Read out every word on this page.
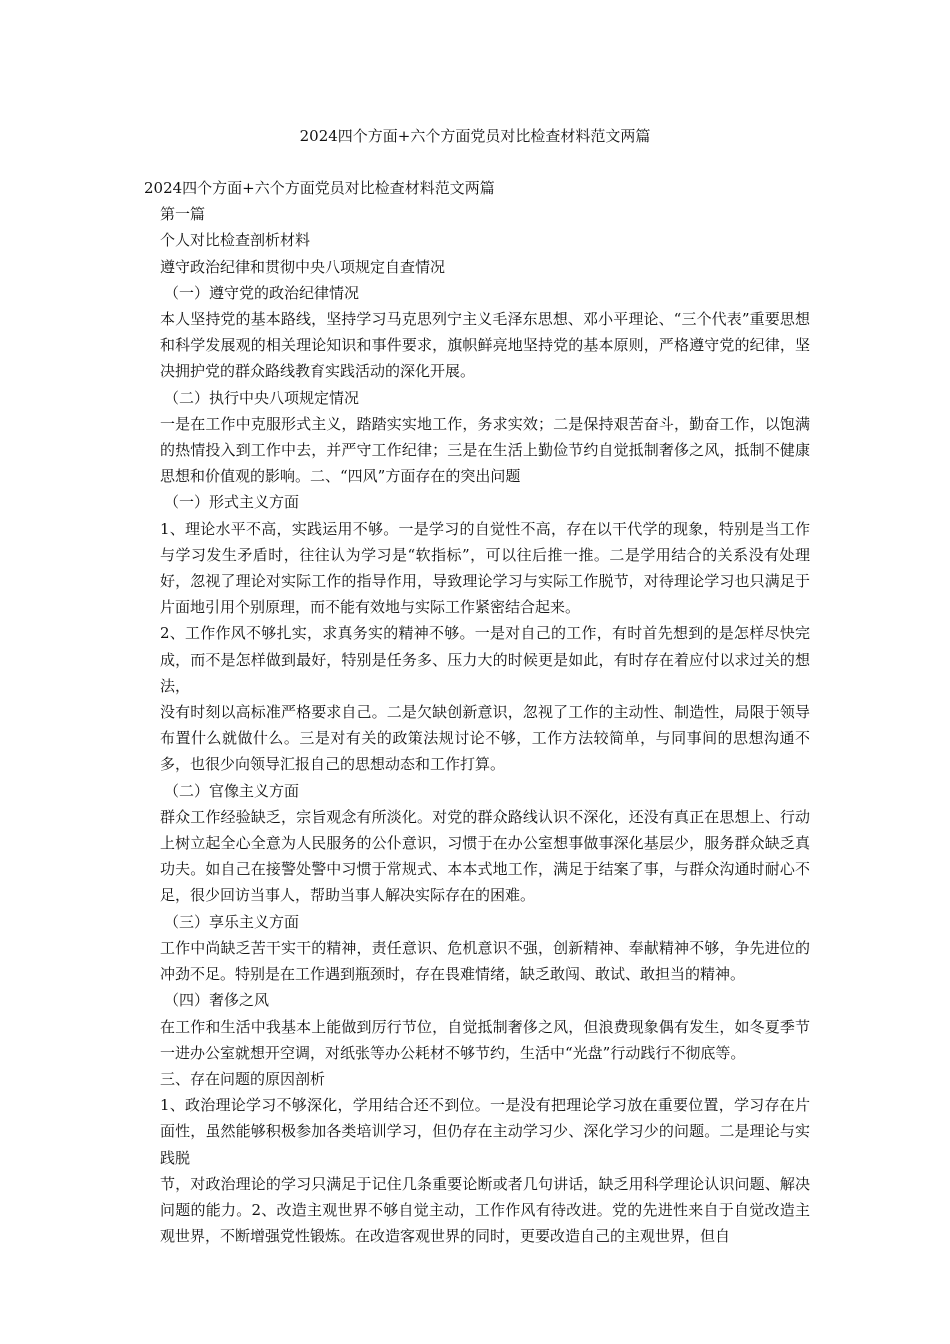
2024四个方面+六个方面党员对比检查材料范文两篇

2024四个方面+六个方面党员对比检查材料范文两篇

第一篇

个人对比检查剖析材料

遵守政治纪律和贯彻中央八项规定自查情况

（一）遵守党的政治纪律情况

本人坚持党的基本路线，坚持学习马克思列宁主义毛泽东思想、邓小平理论、“三个代表”重要思想和科学发展观的相关理论知识和事件要求，旗帜鲜亮地坚持党的基本原则，严格遵守党的纪律，坚决拥护党的群众路线教育实践活动的深化开展。

（二）执行中央八项规定情况

一是在工作中克服形式主义，踏踏实实地工作，务求实效；二是保持艰苦奋斗，勤奋工作，以饱满的热情投入到工作中去，并严守工作纪律；三是在生活上勤俭节约自觉抵制奢侈之风，抵制不健康思想和价值观的影响。二、“四风”方面存在的突出问题

（一）形式主义方面

1、理论水平不高，实践运用不够。一是学习的自觉性不高，存在以干代学的现象，特别是当工作与学习发生矛盾时，往往认为学习是“软指标”，可以往后推一推。二是学用结合的关系没有处理好，忽视了理论对实际工作的指导作用，导致理论学习与实际工作脱节，对待理论学习也只满足于片面地引用个别原理，而不能有效地与实际工作紧密结合起来。

2、工作作风不够扎实，求真务实的精神不够。一是对自己的工作，有时首先想到的是怎样尽快完成，而不是怎样做到最好，特别是任务多、压力大的时候更是如此，有时存在着应付以求过关的想法，

没有时刻以高标准严格要求自己。二是欠缺创新意识，忽视了工作的主动性、制造性，局限于领导布置什么就做什么。三是对有关的政策法规讨论不够，工作方法较简单，与同事间的思想沟通不多，也很少向领导汇报自己的思想动态和工作打算。

（二）官像主义方面

群众工作经验缺乏，宗旨观念有所淡化。对党的群众路线认识不深化，还没有真正在思想上、行动上树立起全心全意为人民服务的公仆意识，习惯于在办公室想事做事深化基层少，服务群众缺乏真功夫。如自己在接警处警中习惯于常规式、本本式地工作，满足于结案了事，与群众沟通时耐心不足，很少回访当事人，帮助当事人解决实际存在的困难。

（三）享乐主义方面

工作中尚缺乏苦干实干的精神，责任意识、危机意识不强，创新精神、奉献精神不够，争先进位的冲劲不足。特别是在工作遇到瓶颈时，存在畏难情绪，缺乏敢闯、敢试、敢担当的精神。

（四）奢侈之风

在工作和生活中我基本上能做到厉行节位，自觉抵制奢侈之风，但浪费现象偶有发生，如冬夏季节一进办公室就想开空调，对纸张等办公耗材不够节约，生活中“光盘”行动践行不彻底等。

三、存在问题的原因剖析

1、政治理论学习不够深化，学用结合还不到位。一是没有把理论学习放在重要位置，学习存在片面性，虽然能够积极参加各类培训学习，但仍存在主动学习少、深化学习少的问题。二是理论与实践脱

节，对政治理论的学习只满足于记住几条重要论断或者几句讲话，缺乏用科学理论认识问题、解决问题的能力。2、改造主观世界不够自觉主动，工作作风有待改进。党的先进性来自于自觉改造主观世界，不断增强党性锻炼。在改造客观世界的同时，更要改造自己的主观世界，但自
